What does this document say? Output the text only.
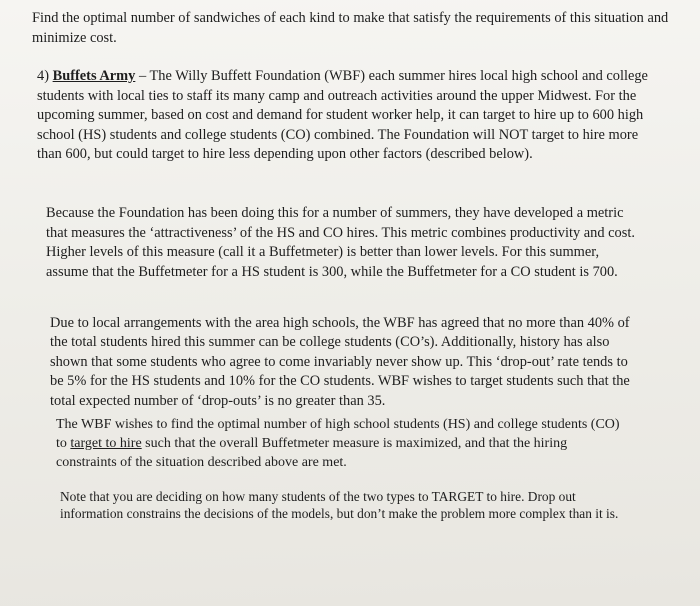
Find the optimal number of sandwiches of each kind to make that satisfy the requirements of this situation and minimize cost.

4) Buffets Army – The Willy Buffett Foundation (WBF) each summer hires local high school and college students with local ties to staff its many camp and outreach activities around the upper Midwest. For the upcoming summer, based on cost and demand for student worker help, it can target to hire up to 600 high school (HS) students and college students (CO) combined. The Foundation will NOT target to hire more than 600, but could target to hire less depending upon other factors (described below).

Because the Foundation has been doing this for a number of summers, they have developed a metric that measures the ‘attractiveness’ of the HS and CO hires. This metric combines productivity and cost. Higher levels of this measure (call it a Buffetmeter) is better than lower levels. For this summer, assume that the Buffetmeter for a HS student is 300, while the Buffetmeter for a CO student is 700.

Due to local arrangements with the area high schools, the WBF has agreed that no more than 40% of the total students hired this summer can be college students (CO’s). Additionally, history has also shown that some students who agree to come invariably never show up. This ‘drop-out’ rate tends to be 5% for the HS students and 10% for the CO students. WBF wishes to target students such that the total expected number of ‘drop-outs’ is no greater than 35.

The WBF wishes to find the optimal number of high school students (HS) and college students (CO) to target to hire such that the overall Buffetmeter measure is maximized, and that the hiring constraints of the situation described above are met.

Note that you are deciding on how many students of the two types to TARGET to hire. Drop out information constrains the decisions of the models, but don’t make the problem more complex than it is.
